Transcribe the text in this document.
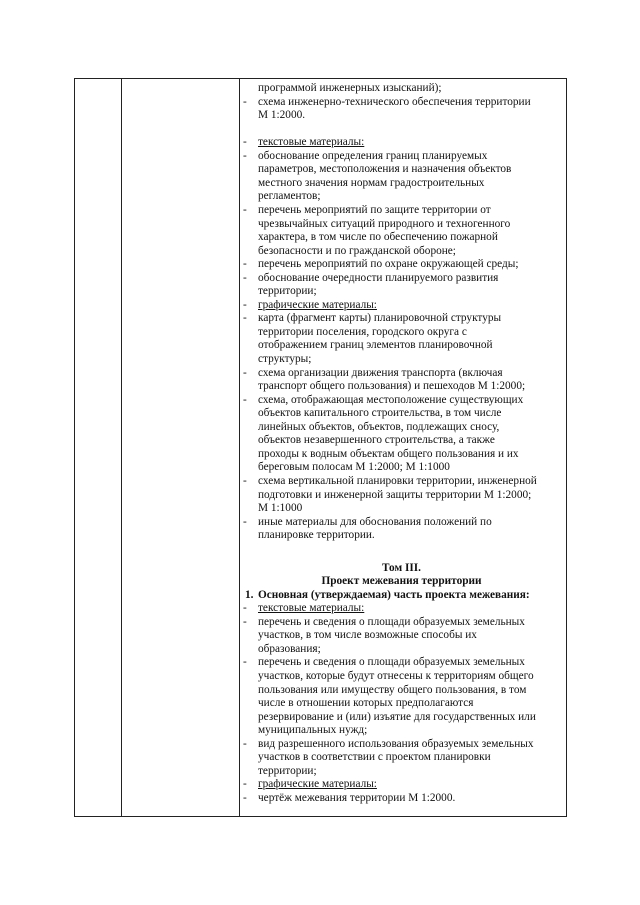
Том III.
Проект межевания территории
1. Основная (утверждаемая) часть проекта межевания:
программой инженерных изысканий);
- схема инженерно-технического обеспечения территории
М 1:2000.
- текстовые материалы:
- обоснование определения границ планируемых
параметров, местоположения и назначения объектов
местного значения нормам градостроительных
регламентов;
- перечень мероприятий по защите территории от
чрезвычайных ситуаций природного и техногенного
характера, в том числе по обеспечению пожарной
безопасности и по гражданской обороне;
- перечень мероприятий по охране окружающей среды;
- обоснование очередности планируемого развития
территории;
- графические материалы:
- карта (фрагмент карты) планировочной структуры
территории поселения, городского округа с
отображением границ элементов планировочной
структуры;
- схема организации движения транспорта (включая
транспорт общего пользования) и пешеходов М 1:2000;
- схема, отображающая местоположение существующих
объектов капитального строительства, в том числе
линейных объектов, объектов, подлежащих сносу,
объектов незавершенного строительства, а также
проходы к водным объектам общего пользования и их
береговым полосам М 1:2000; М 1:1000
- схема вертикальной планировки территории, инженерной
подготовки и инженерной защиты территории М 1:2000;
М 1:1000
- иные материалы для обоснования положений по
планировке территории.
- текстовые материалы:
- перечень и сведения о площади образуемых земельных
участков, в том числе возможные способы их
образования;
- перечень и сведения о площади образуемых земельных
участков, которые будут отнесены к территориям общего
пользования или имуществу общего пользования, в том
числе в отношении которых предполагаются
резервирование и (или) изъятие для государственных или
муниципальных нужд;
- вид разрешенного использования образуемых земельных
участков в соответствии с проектом планировки
территории;
- графические материалы:
- чертёж межевания территории М 1:2000.
